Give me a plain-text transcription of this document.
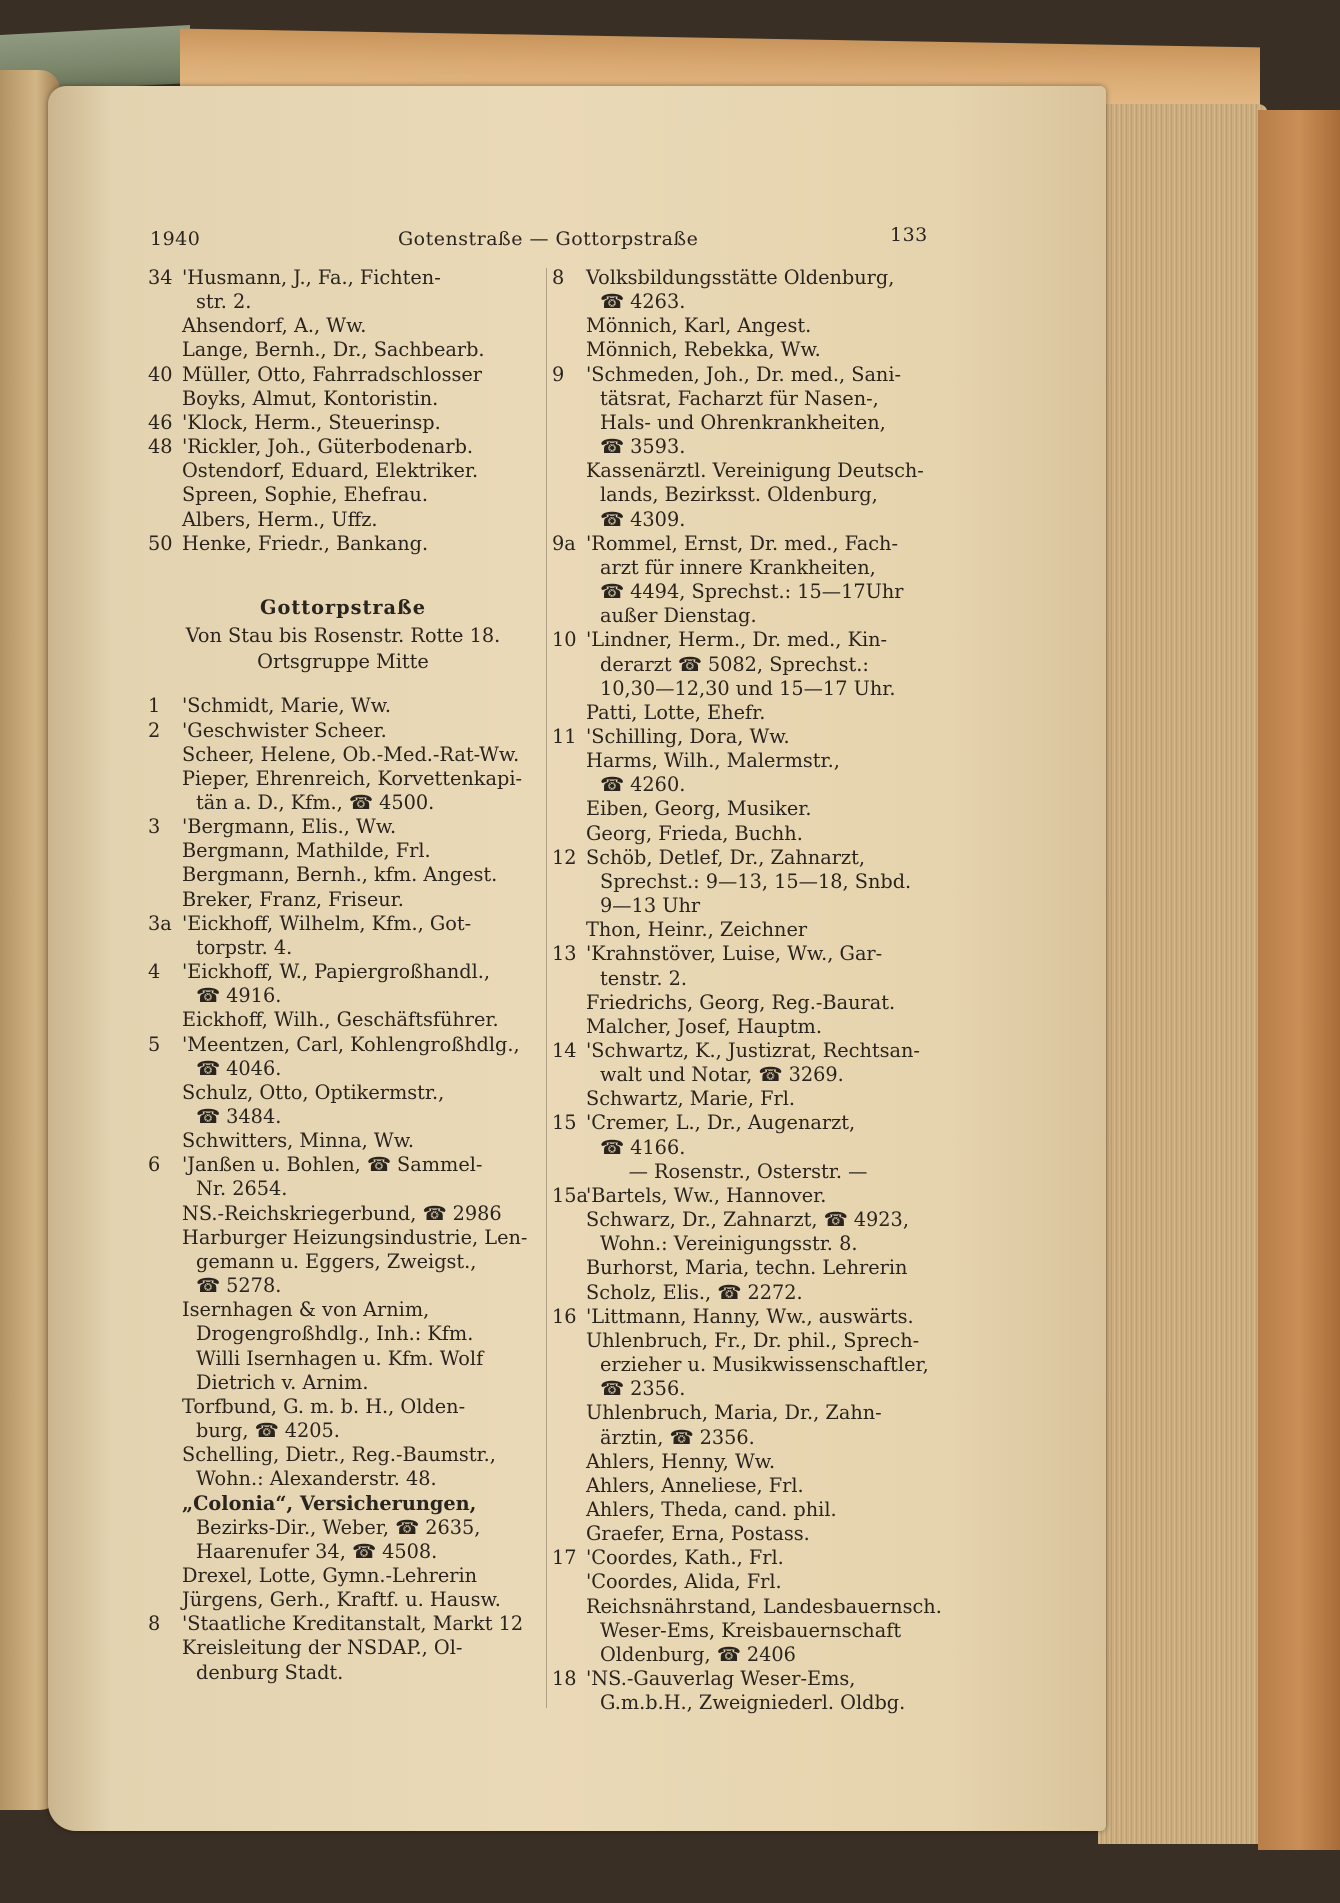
1940	Gotenstraße — Gottorpstraße	133
34 'Husmann, J., Fa., Fichten-
str. 2.
Ahsendorf, A., Ww.
Lange, Bernh., Dr., Sachbearb.
40 Müller, Otto, Fahrradschlosser
Boyks, Almut, Kontoristin.
46 'Klock, Herm., Steuerinsp.
48 'Rickler, Joh., Güterbodenarb.
Ostendorf, Eduard, Elektriker.
Spreen, Sophie, Ehefrau.
Albers, Herm., Uffz.
50 Henke, Friedr., Bankang.
Gottorpstraße
Von Stau bis Rosenstr. Rotte 18.
Ortsgruppe Mitte
1 'Schmidt, Marie, Ww.
2 'Geschwister Scheer.
Scheer, Helene, Ob.-Med.-Rat-Ww.
Pieper, Ehrenreich, Korvettenkapi-
tän a. D., Kfm., ☎ 4500.
3 'Bergmann, Elis., Ww.
Bergmann, Mathilde, Frl.
Bergmann, Bernh., kfm. Angest.
Breker, Franz, Friseur.
3a 'Eickhoff, Wilhelm, Kfm., Got-
torpstr. 4.
4 'Eickhoff, W., Papiergroßhandl.,
☎ 4916.
Eickhoff, Wilh., Geschäftsführer.
5 'Meentzen, Carl, Kohlengroßhdlg.,
☎ 4046.
Schulz, Otto, Optikermstr.,
☎ 3484.
Schwitters, Minna, Ww.
6 'Janßen u. Bohlen, ☎ Sammel-
Nr. 2654.
NS.-Reichskriegerbund, ☎ 2986
Harburger Heizungsindustrie, Len-
gemann u. Eggers, Zweigst.,
☎ 5278.
Isernhagen & von Arnim,
Drogengroßhdlg., Inh.: Kfm.
Willi Isernhagen u. Kfm. Wolf
Dietrich v. Arnim.
Torfbund, G. m. b. H., Olden-
burg, ☎ 4205.
Schelling, Dietr., Reg.-Baumstr.,
Wohn.: Alexanderstr. 48.
„Colonia“, Versicherungen,
Bezirks-Dir., Weber, ☎ 2635,
Haarenufer 34, ☎ 4508.
Drexel, Lotte, Gymn.-Lehrerin
Jürgens, Gerh., Kraftf. u. Hausw.
8 'Staatliche Kreditanstalt, Markt 12
Kreisleitung der NSDAP., Ol-
denburg Stadt.
8 Volksbildungsstätte Oldenburg,
☎ 4263.
Mönnich, Karl, Angest.
Mönnich, Rebekka, Ww.
9 'Schmeden, Joh., Dr. med., Sani-
tätsrat, Facharzt für Nasen-,
Hals- und Ohrenkrankheiten,
☎ 3593.
Kassenärztl. Vereinigung Deutsch-
lands, Bezirksst. Oldenburg,
☎ 4309.
9a 'Rommel, Ernst, Dr. med., Fach-
arzt für innere Krankheiten,
☎ 4494, Sprechst.: 15—17Uhr
außer Dienstag.
10 'Lindner, Herm., Dr. med., Kin-
derarzt ☎ 5082, Sprechst.:
10,30—12,30 und 15—17 Uhr.
Patti, Lotte, Ehefr.
11 'Schilling, Dora, Ww.
Harms, Wilh., Malermstr.,
☎ 4260.
Eiben, Georg, Musiker.
Georg, Frieda, Buchh.
12 Schöb, Detlef, Dr., Zahnarzt,
Sprechst.: 9—13, 15—18, Snbd.
9—13 Uhr
Thon, Heinr., Zeichner
13 'Krahnstöver, Luise, Ww., Gar-
tenstr. 2.
Friedrichs, Georg, Reg.-Baurat.
Malcher, Josef, Hauptm.
14 'Schwartz, K., Justizrat, Rechtsan-
walt und Notar, ☎ 3269.
Schwartz, Marie, Frl.
15 'Cremer, L., Dr., Augenarzt,
☎ 4166.
— Rosenstr., Osterstr. —
15a
'Bartels, Ww., Hannover.
Schwarz, Dr., Zahnarzt, ☎ 4923,
Wohn.: Vereinigungsstr. 8.
Burhorst, Maria, techn. Lehrerin
Scholz, Elis., ☎ 2272.
16 'Littmann, Hanny, Ww., auswärts.
Uhlenbruch, Fr., Dr. phil., Sprech-
erzieher u. Musikwissenschaftler,
☎ 2356.
Uhlenbruch, Maria, Dr., Zahn-
ärztin, ☎ 2356.
Ahlers, Henny, Ww.
Ahlers, Anneliese, Frl.
Ahlers, Theda, cand. phil.
Graefer, Erna, Postass.
17 'Coordes, Kath., Frl.
'Coordes, Alida, Frl.
Reichsnährstand, Landesbauernsch.
Weser-Ems, Kreisbauernschaft
Oldenburg, ☎ 2406
18 'NS.-Gauverlag Weser-Ems,
G.m.b.H., Zweigniederl. Oldbg.
